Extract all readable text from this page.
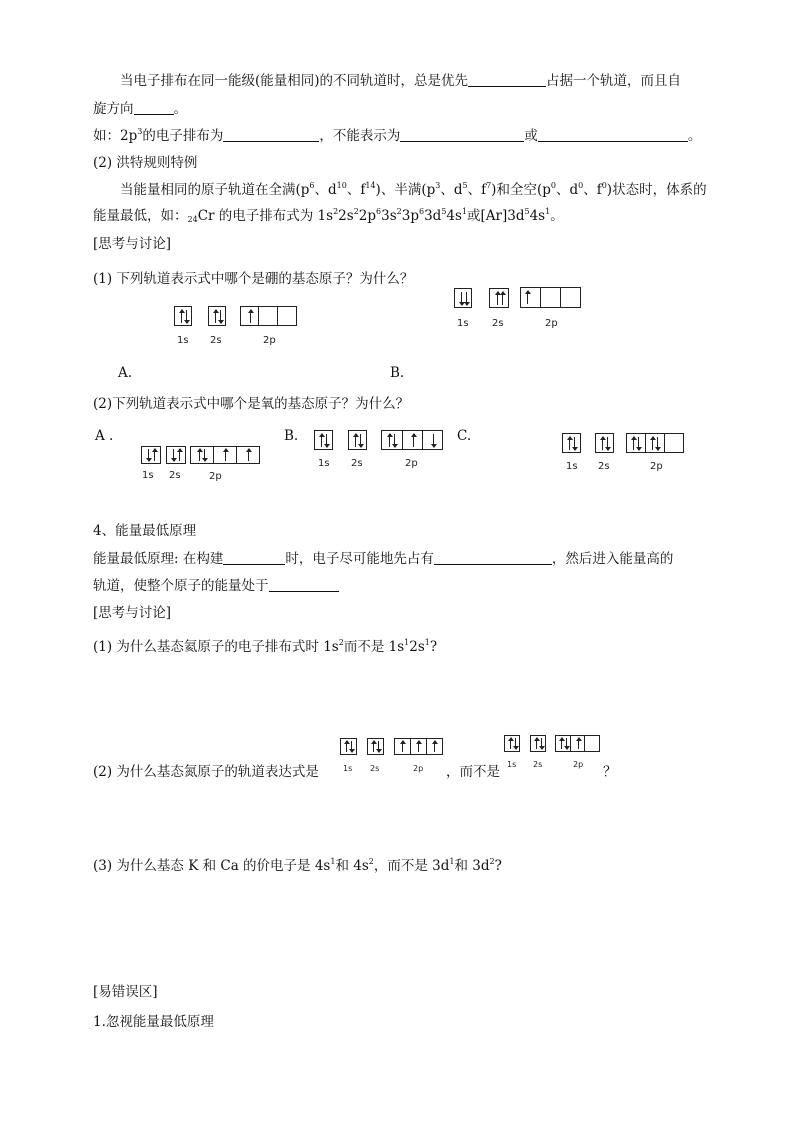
当电子排布在同一能级(能量相同)的不同轨道时，总是优先	占据一个轨道，而且自
旋方向	。
如：$2p^3$的电子排布为	，不能表示为	或	。
(2) 洪特规则特例
当能量相同的原子轨道在全满($p^6$、$d^{10}$、$f^{14}$)、半满($p^3$、$d^5$、$f^7$)和全空($p^0$、$d^0$、$f^0$)状态时，体系的
能量最低，如：$_{24}$Cr 的电子排布式为 $1s^22s^22p^63s^23p^63d^54s^1$或$[Ar]3d^54s^1$。
[思考与讨论]
(1) 下列轨道表示式中哪个是硼的基态原子？为什么？
1s 2s	2p
1s 2s	2p
A.	B.
(2)下列轨道表示式中哪个是氧的基态原子？为什么？
A .
1s 2s	2p
B.
1s 2s	2p
C.
1s 2s	2p
4、能量最低原理
能量最低原理: 在构建	时，电子尽可能地先占有	，然后进入能量高的
轨道，使整个原子的能量处于
[思考与讨论]
(1) 为什么基态氦原子的电子排布式时 $1s^2$而不是 $1s^12s^1$?
(2) 为什么基态氮原子的轨道表达式是	1s 2s	2p ，而不是 1s 2s	2p ？
(3) 为什么基态 K 和 Ca 的价电子是 $4s^1$和 $4s^2$，而不是 $3d^1$和 $3d^2$?
[易错误区]
1.忽视能量最低原理
